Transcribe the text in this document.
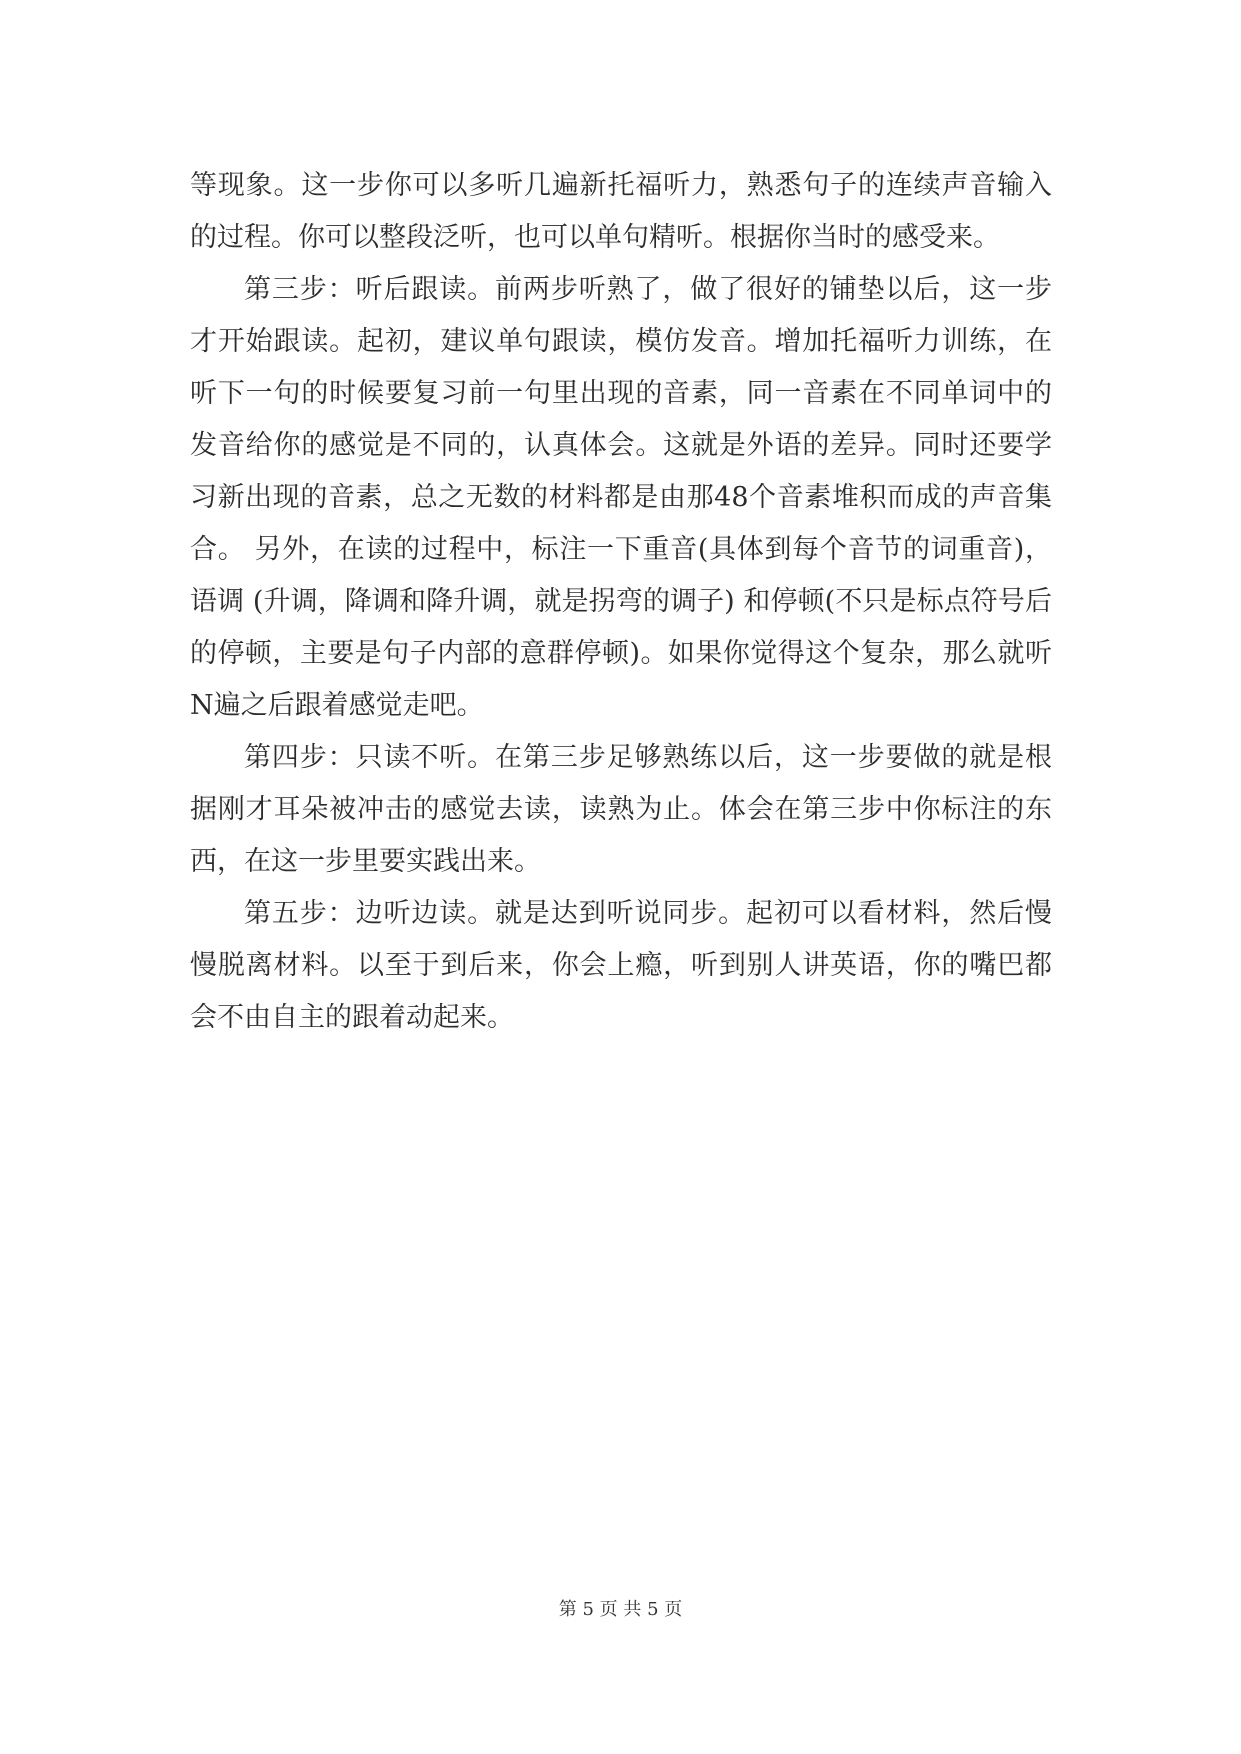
等现象。这一步你可以多听几遍新托福听力，熟悉句子的连续声音输入的过程。你可以整段泛听，也可以单句精听。根据你当时的感受来。

第三步：听后跟读。前两步听熟了，做了很好的铺垫以后，这一步才开始跟读。起初，建议单句跟读，模仿发音。增加托福听力训练，在听下一句的时候要复习前一句里出现的音素，同一音素在不同单词中的发音给你的感觉是不同的，认真体会。这就是外语的差异。同时还要学习新出现的音素，总之无数的材料都是由那48个音素堆积而成的声音集合。 另外，在读的过程中，标注一下重音(具体到每个音节的词重音)，语调 (升调，降调和降升调，就是拐弯的调子) 和停顿(不只是标点符号后的停顿，主要是句子内部的意群停顿)。如果你觉得这个复杂，那么就听N遍之后跟着感觉走吧。

第四步：只读不听。在第三步足够熟练以后，这一步要做的就是根据刚才耳朵被冲击的感觉去读，读熟为止。体会在第三步中你标注的东西，在这一步里要实践出来。

第五步：边听边读。就是达到听说同步。起初可以看材料，然后慢慢脱离材料。以至于到后来，你会上瘾，听到别人讲英语，你的嘴巴都会不由自主的跟着动起来。

第 5 页 共 5 页
